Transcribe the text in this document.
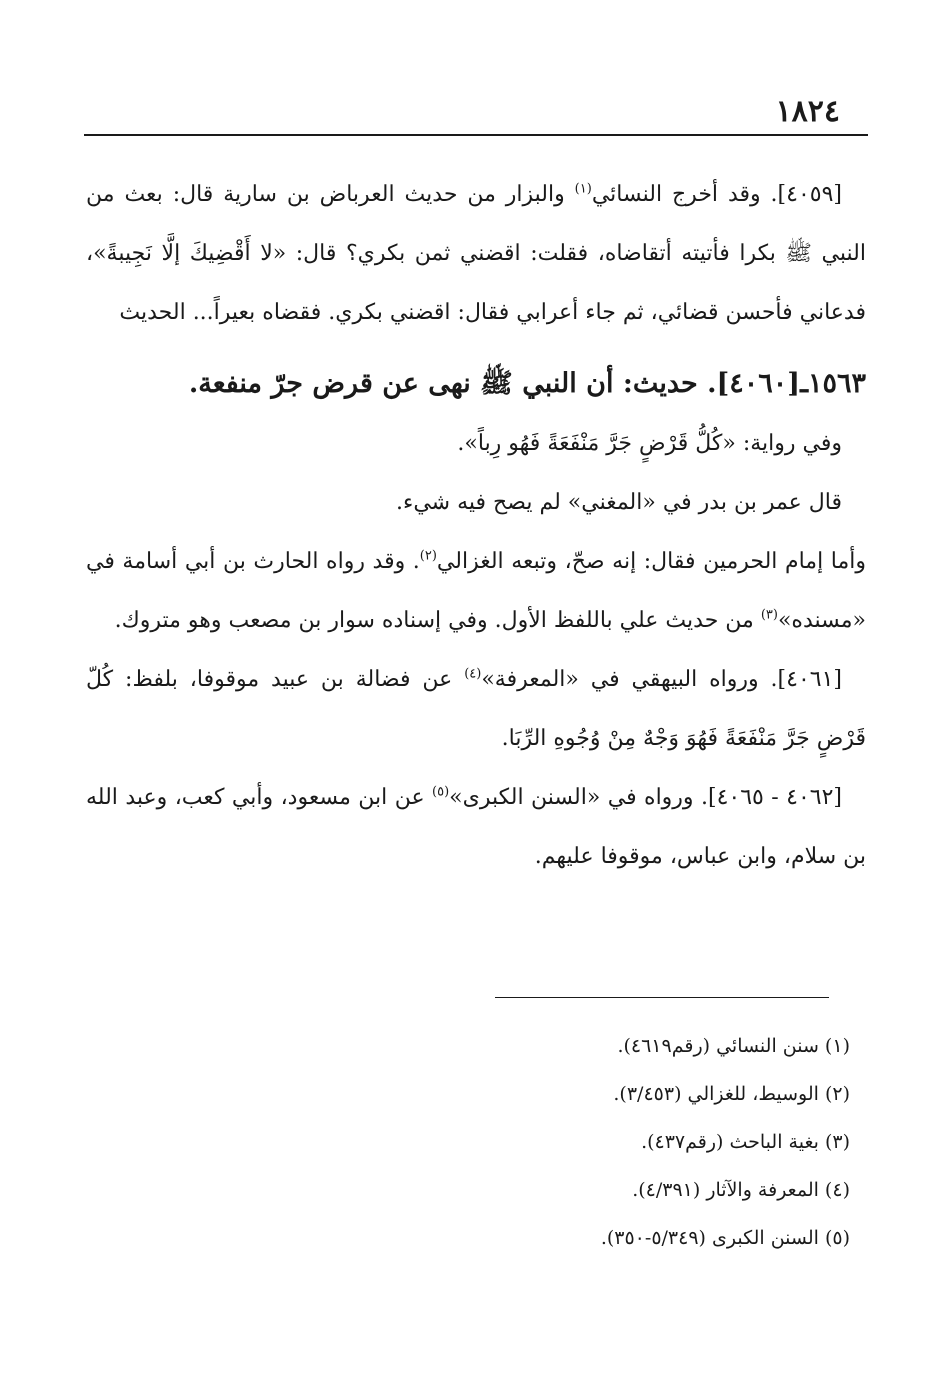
١٨٢٤

[٤٠٥٩]. وقد أخرج النسائي$^{(١)}$ والبزار من حديث العرباض بن سارية قال: بعث من النبي ﷺ بكرا فأتيته أتقاضاه، فقلت: اقضني ثمن بكري؟ قال: «لا أَقْضِيكَ إلَّا نَجِيبةً»، فدعاني فأحسن قضائي، ثم جاء أعرابي فقال: اقضني بكري. فقضاه بعيراً... الحديث

١٥٦٣ـ[٤٠٦٠]. حديث: أن النبي ﷺ نهى عن قرض جرّ منفعة.

وفي رواية: «كُلُّ قَرْضٍ جَرَّ مَنْفَعَةً فَهُو رِباً».

قال عمر بن بدر في «المغني» لم يصح فيه شيء.

وأما إمام الحرمين فقال: إنه صحّ، وتبعه الغزالي$^{(٢)}$. وقد رواه الحارث بن أبي أسامة في «مسنده»$^{(٣)}$ من حديث علي باللفظ الأول. وفي إسناده سوار بن مصعب وهو متروك.

[٤٠٦١]. ورواه البيهقي في «المعرفة»$^{(٤)}$ عن فضالة بن عبيد موقوفا، بلفظ: كُلّ قَرْضٍ جَرَّ مَنْفَعَةً فَهُوَ وَجْهٌ مِنْ وُجُوهِ الرِّبَا.

[٤٠٦٢ - ٤٠٦٥]. ورواه في «السنن الكبرى»$^{(٥)}$ عن ابن مسعود، وأبي كعب، وعبد الله بن سلام، وابن عباس، موقوفا عليهم.

(١) سنن النسائي (رقم٤٦١٩).
(٢) الوسيط، للغزالي (٣/٤٥٣).
(٣) بغية الباحث (رقم٤٣٧).
(٤) المعرفة والآثار (٤/٣٩١).
(٥) السنن الكبرى (٥/٣٤٩-٣٥٠).
